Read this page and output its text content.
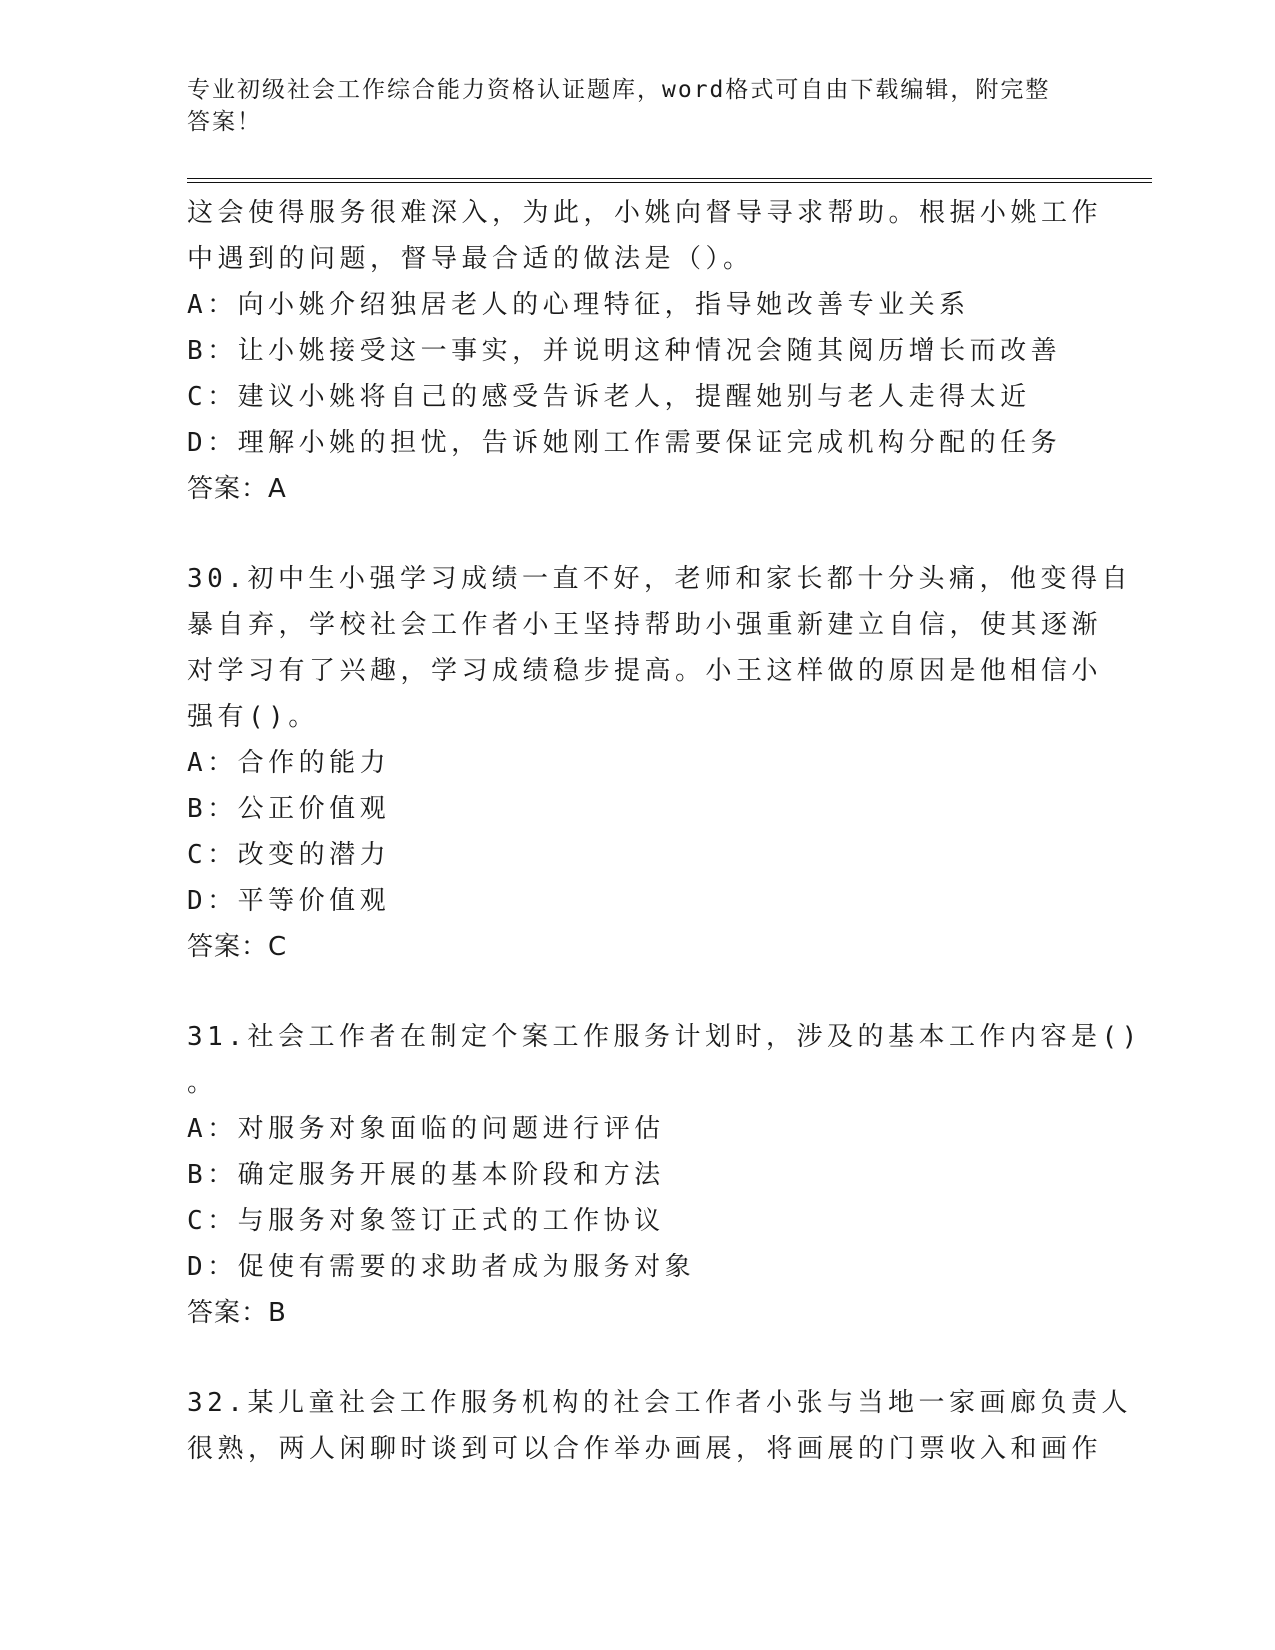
专业初级社会工作综合能力资格认证题库，word格式可自由下载编辑，附完整答案！
这会使得服务很难深入，为此，小姚向督导寻求帮助。根据小姚工作
中遇到的问题，督导最合适的做法是（）。
A：向小姚介绍独居老人的心理特征，指导她改善专业关系
B：让小姚接受这一事实，并说明这种情况会随其阅历增长而改善
C：建议小姚将自己的感受告诉老人，提醒她别与老人走得太近
D：理解小姚的担忧，告诉她刚工作需要保证完成机构分配的任务
答案：A
30.初中生小强学习成绩一直不好，老师和家长都十分头痛，他变得自
暴自弃，学校社会工作者小王坚持帮助小强重新建立自信，使其逐渐
对学习有了兴趣，学习成绩稳步提高。小王这样做的原因是他相信小
强有()。
A：合作的能力
B：公正价值观
C：改变的潜力
D：平等价值观
答案：C
31.社会工作者在制定个案工作服务计划时，涉及的基本工作内容是()
。
A：对服务对象面临的问题进行评估
B：确定服务开展的基本阶段和方法
C：与服务对象签订正式的工作协议
D：促使有需要的求助者成为服务对象
答案：B
32.某儿童社会工作服务机构的社会工作者小张与当地一家画廊负责人
很熟，两人闲聊时谈到可以合作举办画展，将画展的门票收入和画作
